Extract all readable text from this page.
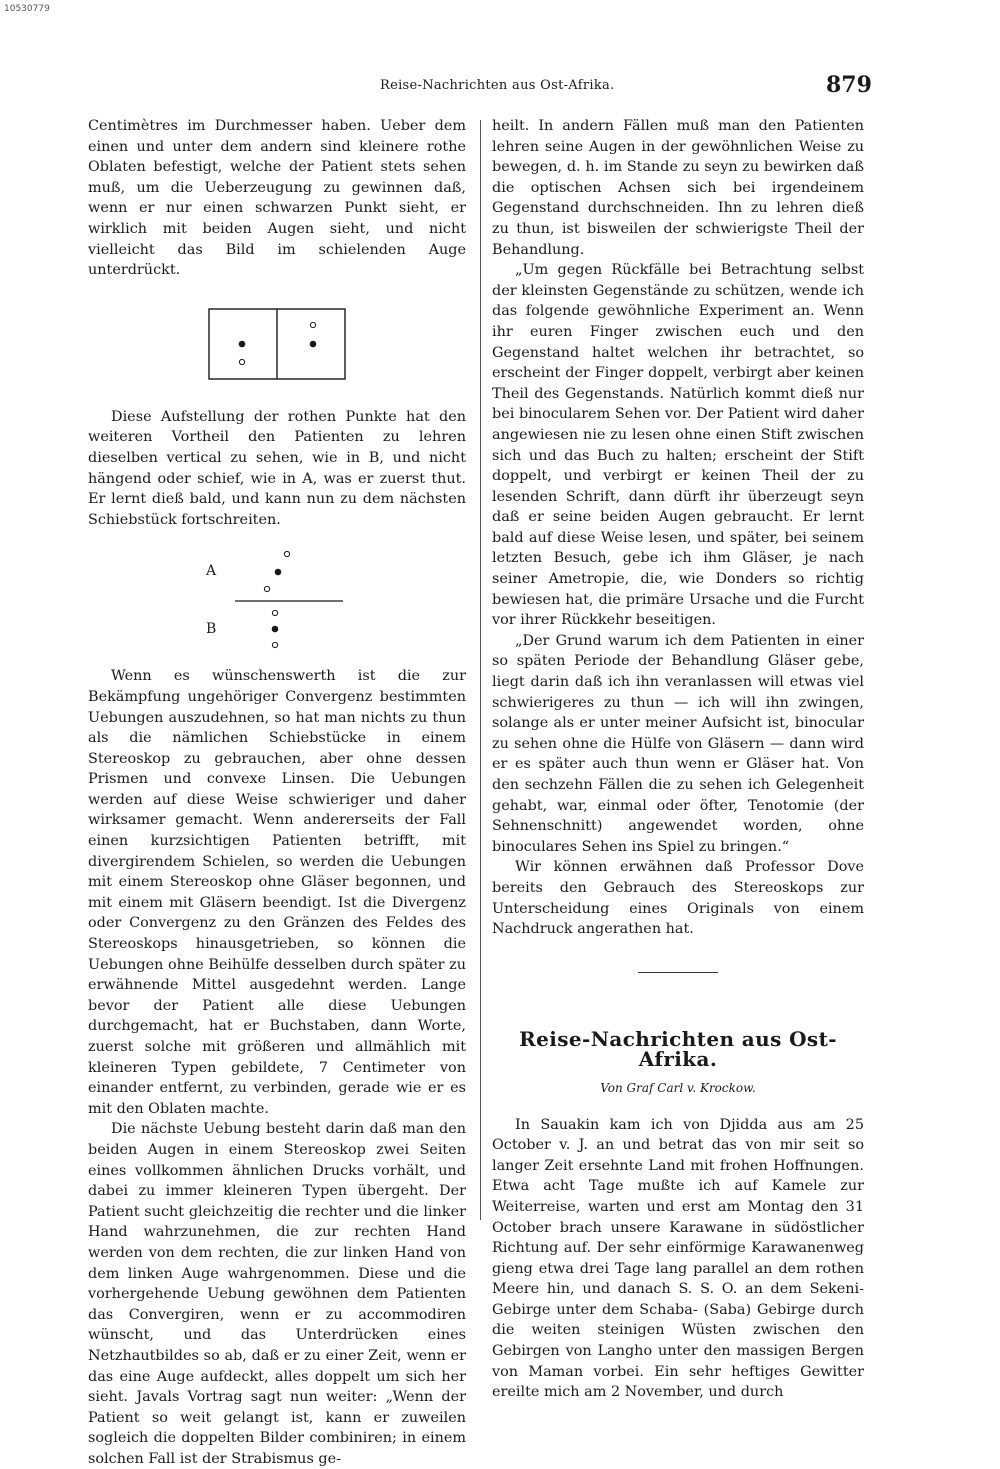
10530779
Reise-Nachrichten aus Ost-Afrika.	879

Centimètres im Durchmesser haben. Ueber dem einen und unter dem andern sind kleinere rothe Oblaten befestigt, welche der Patient stets sehen muß, um die Ueberzeugung zu gewinnen daß, wenn er nur einen schwarzen Punkt sieht, er wirklich mit beiden Augen sieht, und nicht vielleicht das Bild im schielenden Auge unterdrückt.

Diese Aufstellung der rothen Punkte hat den weiteren Vortheil den Patienten zu lehren dieselben vertical zu sehen, wie in B, und nicht hängend oder schief, wie in A, was er zuerst thut. Er lernt dieß bald, und kann nun zu dem nächsten Schiebstück fortschreiten.

A
B

Wenn es wünschenswerth ist die zur Bekämpfung ungehöriger Convergenz bestimmten Uebungen auszudehnen, so hat man nichts zu thun als die nämlichen Schiebstücke in einem Stereoskop zu gebrauchen, aber ohne dessen Prismen und convexe Linsen. Die Uebungen werden auf diese Weise schwieriger und daher wirksamer gemacht. Wenn andererseits der Fall einen kurzsichtigen Patienten betrifft, mit divergirendem Schielen, so werden die Uebungen mit einem Stereoskop ohne Gläser begonnen, und mit einem mit Gläsern beendigt. Ist die Divergenz oder Convergenz zu den Gränzen des Feldes des Stereoskops hinausgetrieben, so können die Uebungen ohne Beihülfe desselben durch später zu erwähnende Mittel ausgedehnt werden. Lange bevor der Patient alle diese Uebungen durchgemacht, hat er Buchstaben, dann Worte, zuerst solche mit größeren und allmählich mit kleineren Typen gebildete, 7 Centimeter von einander entfernt, zu verbinden, gerade wie er es mit den Oblaten machte.

Die nächste Uebung besteht darin daß man den beiden Augen in einem Stereoskop zwei Seiten eines vollkommen ähnlichen Drucks vorhält, und dabei zu immer kleineren Typen übergeht. Der Patient sucht gleichzeitig die rechter und die linker Hand wahrzunehmen, die zur rechten Hand werden von dem rechten, die zur linken Hand von dem linken Auge wahrgenommen. Diese und die vorhergehende Uebung gewöhnen dem Patienten das Convergiren, wenn er zu accommodiren wünscht, und das Unterdrücken eines Netzhautbildes so ab, daß er zu einer Zeit, wenn er das eine Auge aufdeckt, alles doppelt um sich her sieht. Javals Vortrag sagt nun weiter: „Wenn der Patient so weit gelangt ist, kann er zuweilen sogleich die doppelten Bilder combiniren; in einem solchen Fall ist der Strabismus ge-

heilt. In andern Fällen muß man den Patienten lehren seine Augen in der gewöhnlichen Weise zu bewegen, d. h. im Stande zu seyn zu bewirken daß die optischen Achsen sich bei irgendeinem Gegenstand durchschneiden. Ihn zu lehren dieß zu thun, ist bisweilen der schwierigste Theil der Behandlung.

„Um gegen Rückfälle bei Betrachtung selbst der kleinsten Gegenstände zu schützen, wende ich das folgende gewöhnliche Experiment an. Wenn ihr euren Finger zwischen euch und den Gegenstand haltet welchen ihr betrachtet, so erscheint der Finger doppelt, verbirgt aber keinen Theil des Gegenstands. Natürlich kommt dieß nur bei binocularem Sehen vor. Der Patient wird daher angewiesen nie zu lesen ohne einen Stift zwischen sich und das Buch zu halten; erscheint der Stift doppelt, und verbirgt er keinen Theil der zu lesenden Schrift, dann dürft ihr überzeugt seyn daß er seine beiden Augen gebraucht. Er lernt bald auf diese Weise lesen, und später, bei seinem letzten Besuch, gebe ich ihm Gläser, je nach seiner Ametropie, die, wie Donders so richtig bewiesen hat, die primäre Ursache und die Furcht vor ihrer Rückkehr beseitigen.

„Der Grund warum ich dem Patienten in einer so späten Periode der Behandlung Gläser gebe, liegt darin daß ich ihn veranlassen will etwas viel schwierigeres zu thun — ich will ihn zwingen, solange als er unter meiner Aufsicht ist, binocular zu sehen ohne die Hülfe von Gläsern — dann wird er es später auch thun wenn er Gläser hat. Von den sechzehn Fällen die zu sehen ich Gelegenheit gehabt, war, einmal oder öfter, Tenotomie (der Sehnenschnitt) angewendet worden, ohne binoculares Sehen ins Spiel zu bringen.“

Wir können erwähnen daß Professor Dove bereits den Gebrauch des Stereoskops zur Unterscheidung eines Originals von einem Nachdruck angerathen hat.

Reise-Nachrichten aus Ost-Afrika.
Von Graf Carl v. Krockow.

In Sauakin kam ich von Djidda aus am 25 October v. J. an und betrat das von mir seit so langer Zeit ersehnte Land mit frohen Hoffnungen. Etwa acht Tage mußte ich auf Kamele zur Weiterreise, warten und erst am Montag den 31 October brach unsere Karawane in südöstlicher Richtung auf. Der sehr einförmige Karawanenweg gieng etwa drei Tage lang parallel an dem rothen Meere hin, und danach S. S. O. an dem Sekeni-Gebirge unter dem Schaba- (Saba) Gebirge durch die weiten steinigen Wüsten zwischen den Gebirgen von Langho unter den massigen Bergen von Maman vorbei. Ein sehr heftiges Gewitter ereilte mich am 2 November, und durch
